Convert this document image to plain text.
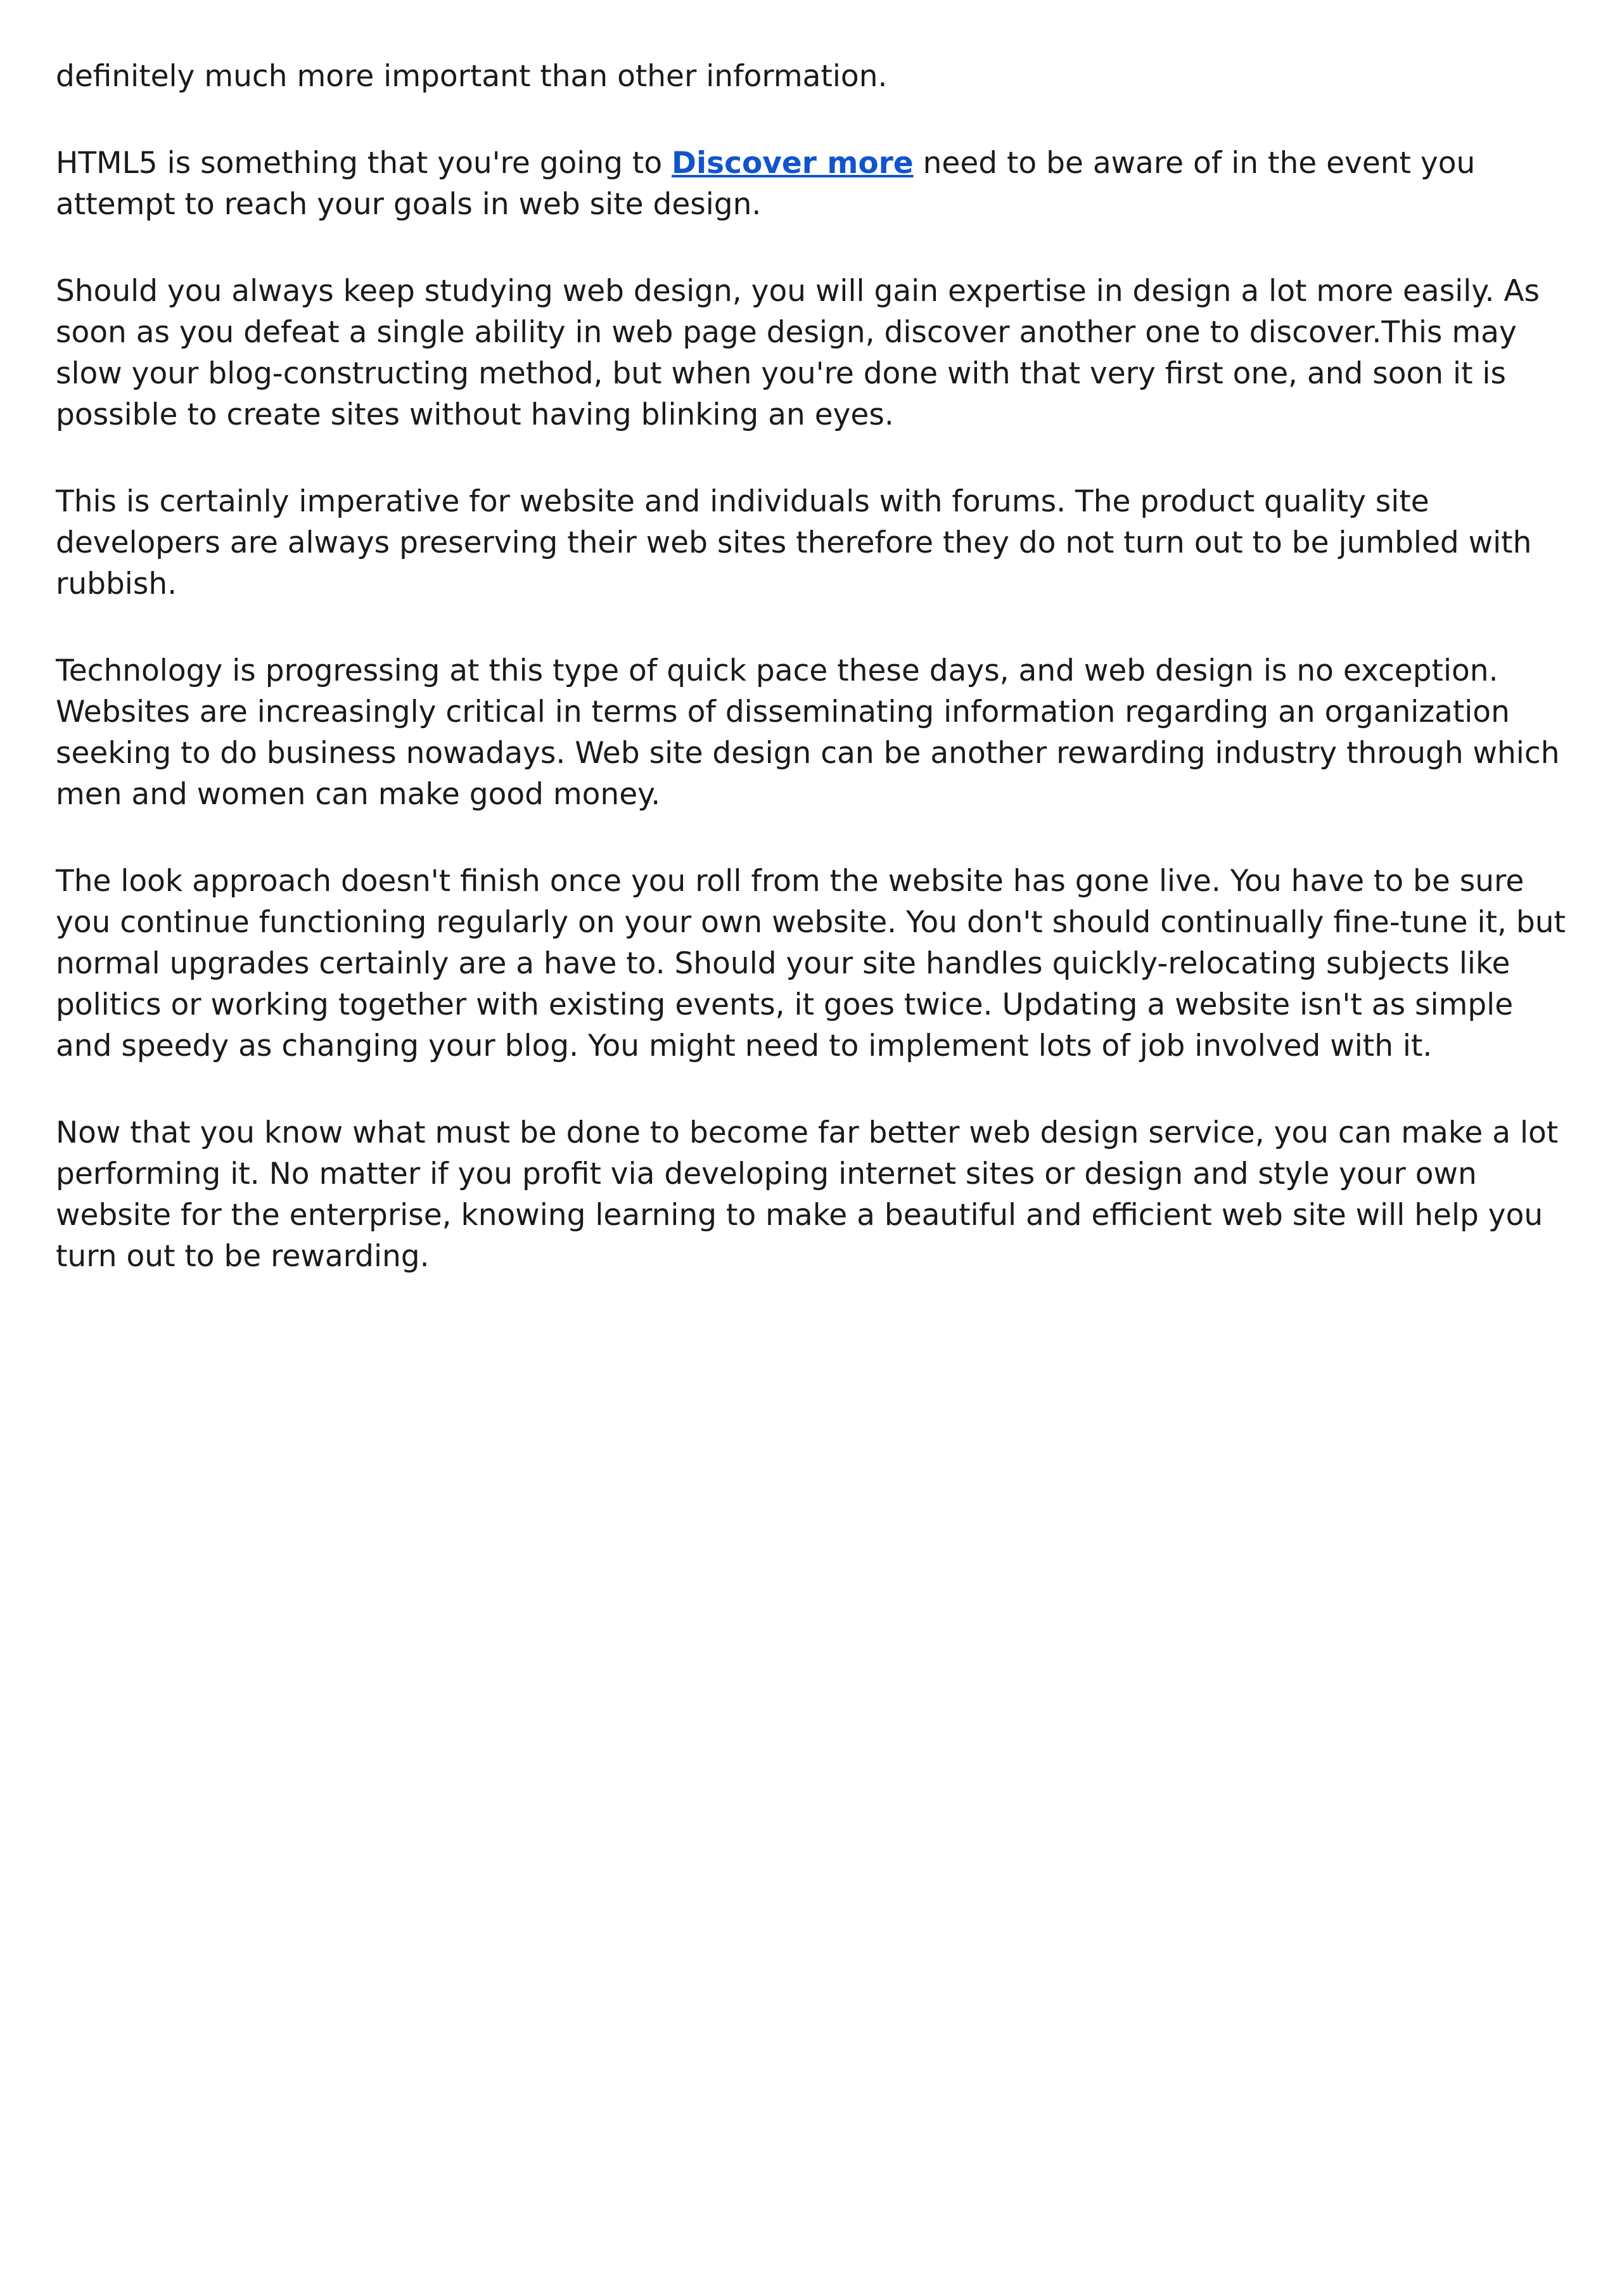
definitely much more important than other information.

HTML5 is something that you're going to Discover more need to be aware of in the event you attempt to reach your goals in web site design.

Should you always keep studying web design, you will gain expertise in design a lot more easily. As soon as you defeat a single ability in web page design, discover another one to discover.This may slow your blog-constructing method, but when you're done with that very first one, and soon it is possible to create sites without having blinking an eyes.

This is certainly imperative for website and individuals with forums. The product quality site developers are always preserving their web sites therefore they do not turn out to be jumbled with rubbish.

Technology is progressing at this type of quick pace these days, and web design is no exception. Websites are increasingly critical in terms of disseminating information regarding an organization seeking to do business nowadays. Web site design can be another rewarding industry through which men and women can make good money.

The look approach doesn't finish once you roll from the website has gone live. You have to be sure you continue functioning regularly on your own website. You don't should continually fine-tune it, but normal upgrades certainly are a have to. Should your site handles quickly-relocating subjects like politics or working together with existing events, it goes twice. Updating a website isn't as simple and speedy as changing your blog. You might need to implement lots of job involved with it.

Now that you know what must be done to become far better web design service, you can make a lot performing it. No matter if you profit via developing internet sites or design and style your own website for the enterprise, knowing learning to make a beautiful and efficient web site will help you turn out to be rewarding.
